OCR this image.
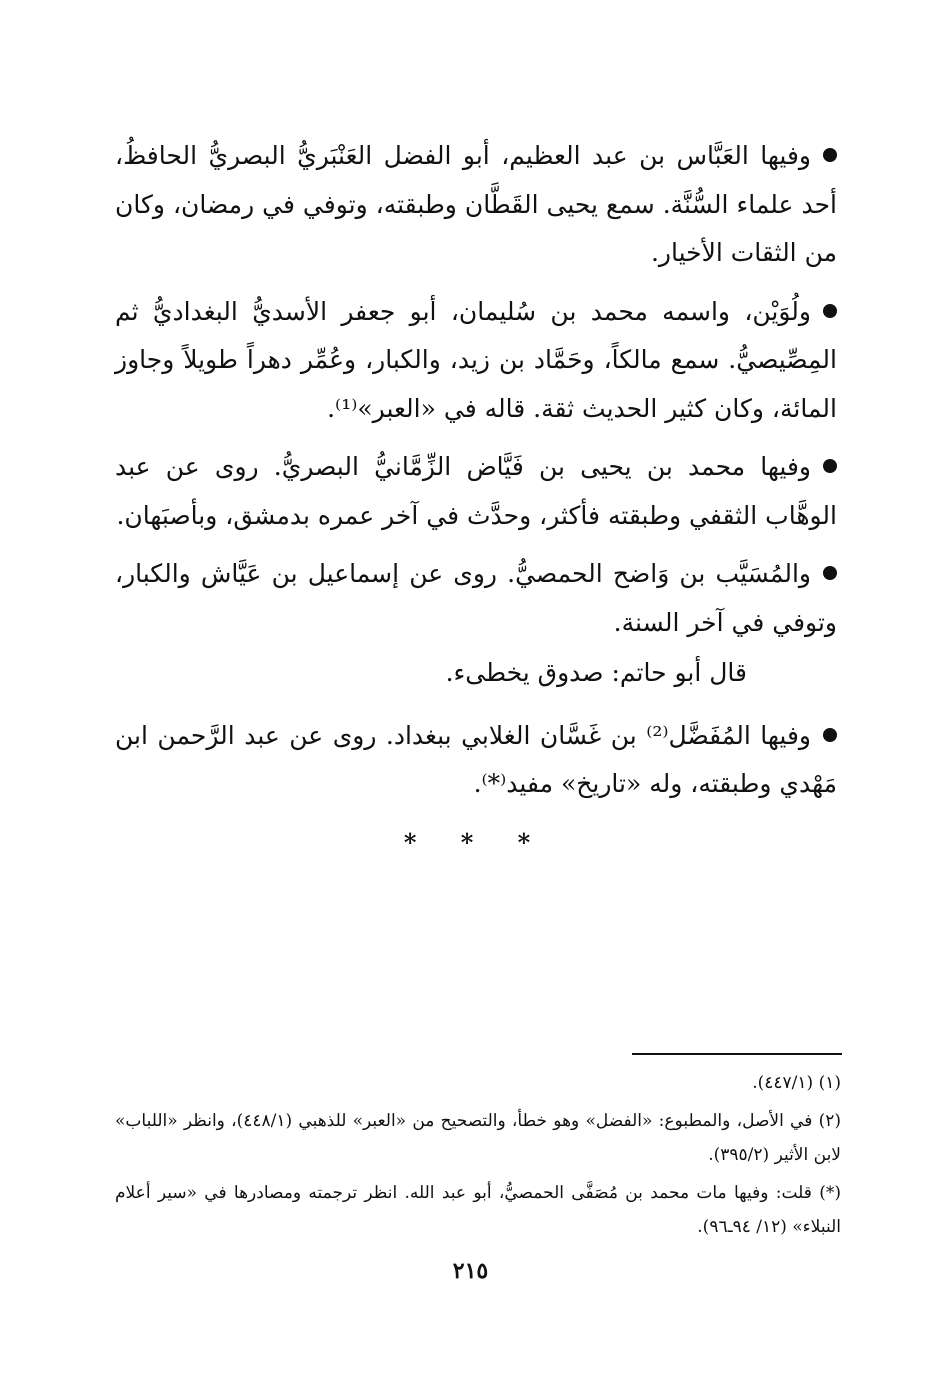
وفيها العَبَّاس بن عبد العظيم، أبو الفضل العَنْبَريُّ البصريُّ الحافظُ، أحد علماء السُّنَّة. سمع يحيى القَطَّان وطبقته، وتوفي في رمضان، وكان من الثقات الأخيار.

ولُوَيْن، واسمه محمد بن سُليمان، أبو جعفر الأسديُّ البغداديُّ ثم المِصِّيصيُّ. سمع مالكاً، وحَمَّاد بن زيد، والكبار، وعُمِّر دهراً طويلاً وجاوز المائة، وكان كثير الحديث ثقة. قاله في «العبر»⁽¹⁾.

وفيها محمد بن يحيى بن فَيَّاض الزِّمَّانيُّ البصريُّ. روى عن عبد الوهَّاب الثقفي وطبقته فأكثر، وحدَّث في آخر عمره بدمشق، وبأصبَهان.

والمُسَيَّب بن وَاضح الحمصيُّ. روى عن إسماعيل بن عَيَّاش والكبار، وتوفي في آخر السنة.

قال أبو حاتم: صدوق يخطىء.

وفيها المُفَضَّل⁽²⁾ بن غَسَّان الغلابي ببغداد. روى عن عبد الرَّحمن ابن مَهْدي وطبقته، وله «تاريخ» مفيد⁽*⁾.

* * *

(١) (٤٤٧/١).

(٢) في الأصل، والمطبوع: «الفضل» وهو خطأ، والتصحيح من «العبر» للذهبي (٤٤٨/١)، وانظر «اللباب» لابن الأثير (٣٩٥/٢).

(*) قلت: وفيها مات محمد بن مُصَفَّى الحمصيُّ، أبو عبد الله. انظر ترجمته ومصادرها في «سير أعلام النبلاء» (١٢/ ٩٤ـ٩٦).

٢١٥
